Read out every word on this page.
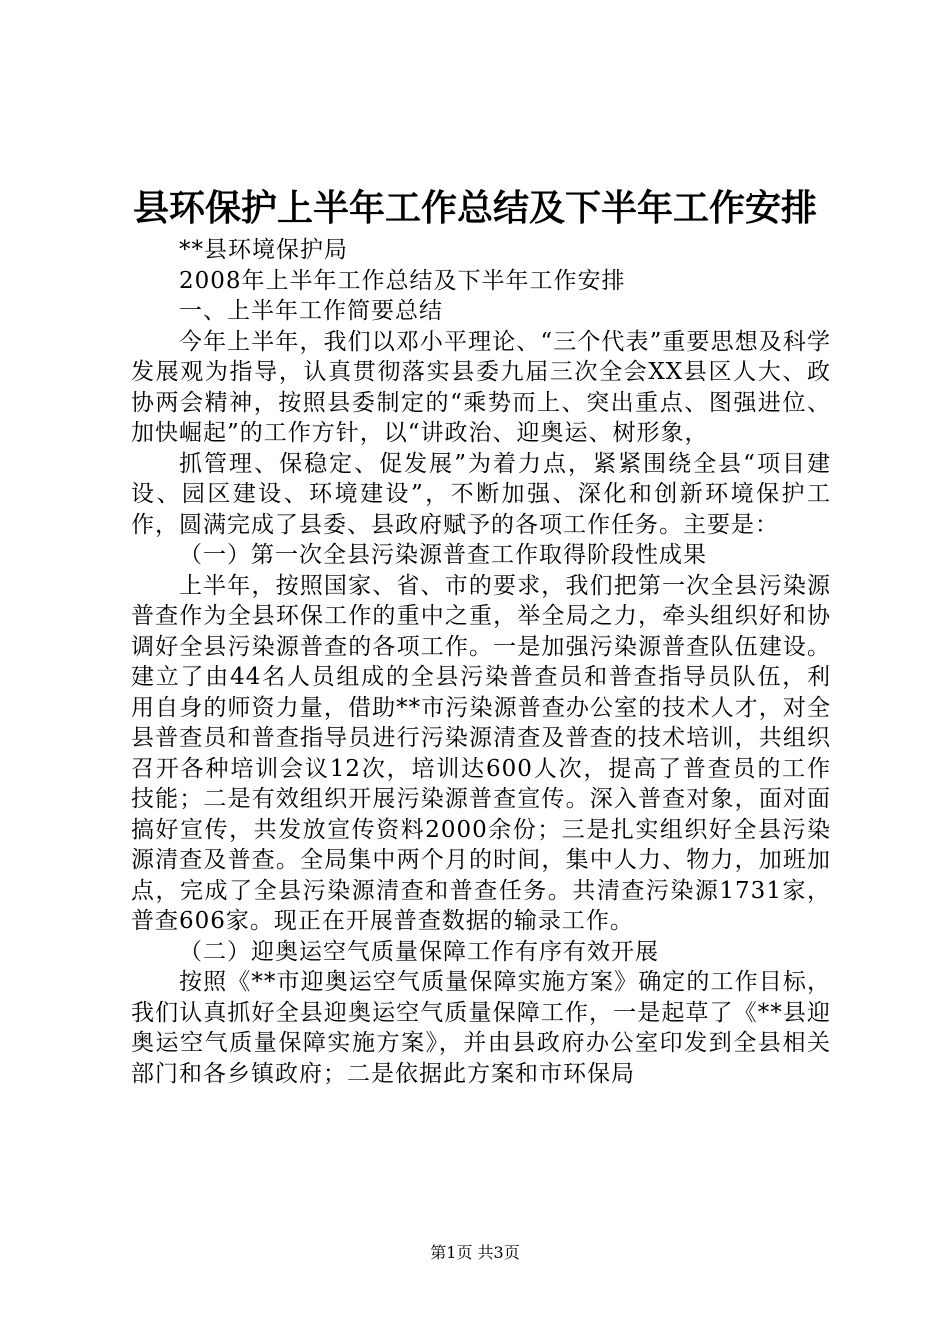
县环保护上半年工作总结及下半年工作安排

**县环境保护局

2008年上半年工作总结及下半年工作安排

一、上半年工作简要总结

今年上半年，我们以邓小平理论、“三个代表”重要思想及科学发展观为指导，认真贯彻落实县委九届三次全会XX县区人大、政协两会精神，按照县委制定的“乘势而上、突出重点、图强进位、加快崛起”的工作方针，以“讲政治、迎奥运、树形象，

抓管理、保稳定、促发展”为着力点，紧紧围绕全县“项目建设、园区建设、环境建设”，不断加强、深化和创新环境保护工作，圆满完成了县委、县政府赋予的各项工作任务。主要是：

（一）第一次全县污染源普查工作取得阶段性成果

上半年，按照国家、省、市的要求，我们把第一次全县污染源普查作为全县环保工作的重中之重，举全局之力，牵头组织好和协调好全县污染源普查的各项工作。一是加强污染源普查队伍建设。建立了由44名人员组成的全县污染普查员和普查指导员队伍，利用自身的师资力量，借助**市污染源普查办公室的技术人才，对全县普查员和普查指导员进行污染源清查及普查的技术培训，共组织召开各种培训会议12次，培训达600人次，提高了普查员的工作技能；二是有效组织开展污染源普查宣传。深入普查对象，面对面搞好宣传，共发放宣传资料2000余份；三是扎实组织好全县污染源清查及普查。全局集中两个月的时间，集中人力、物力，加班加点，完成了全县污染源清查和普查任务。共清查污染源1731家，普查606家。现正在开展普查数据的输录工作。

（二）迎奥运空气质量保障工作有序有效开展

按照《**市迎奥运空气质量保障实施方案》确定的工作目标，我们认真抓好全县迎奥运空气质量保障工作，一是起草了《**县迎奥运空气质量保障实施方案》，并由县政府办公室印发到全县相关部门和各乡镇政府；二是依据此方案和市环保局

第1页 共3页
